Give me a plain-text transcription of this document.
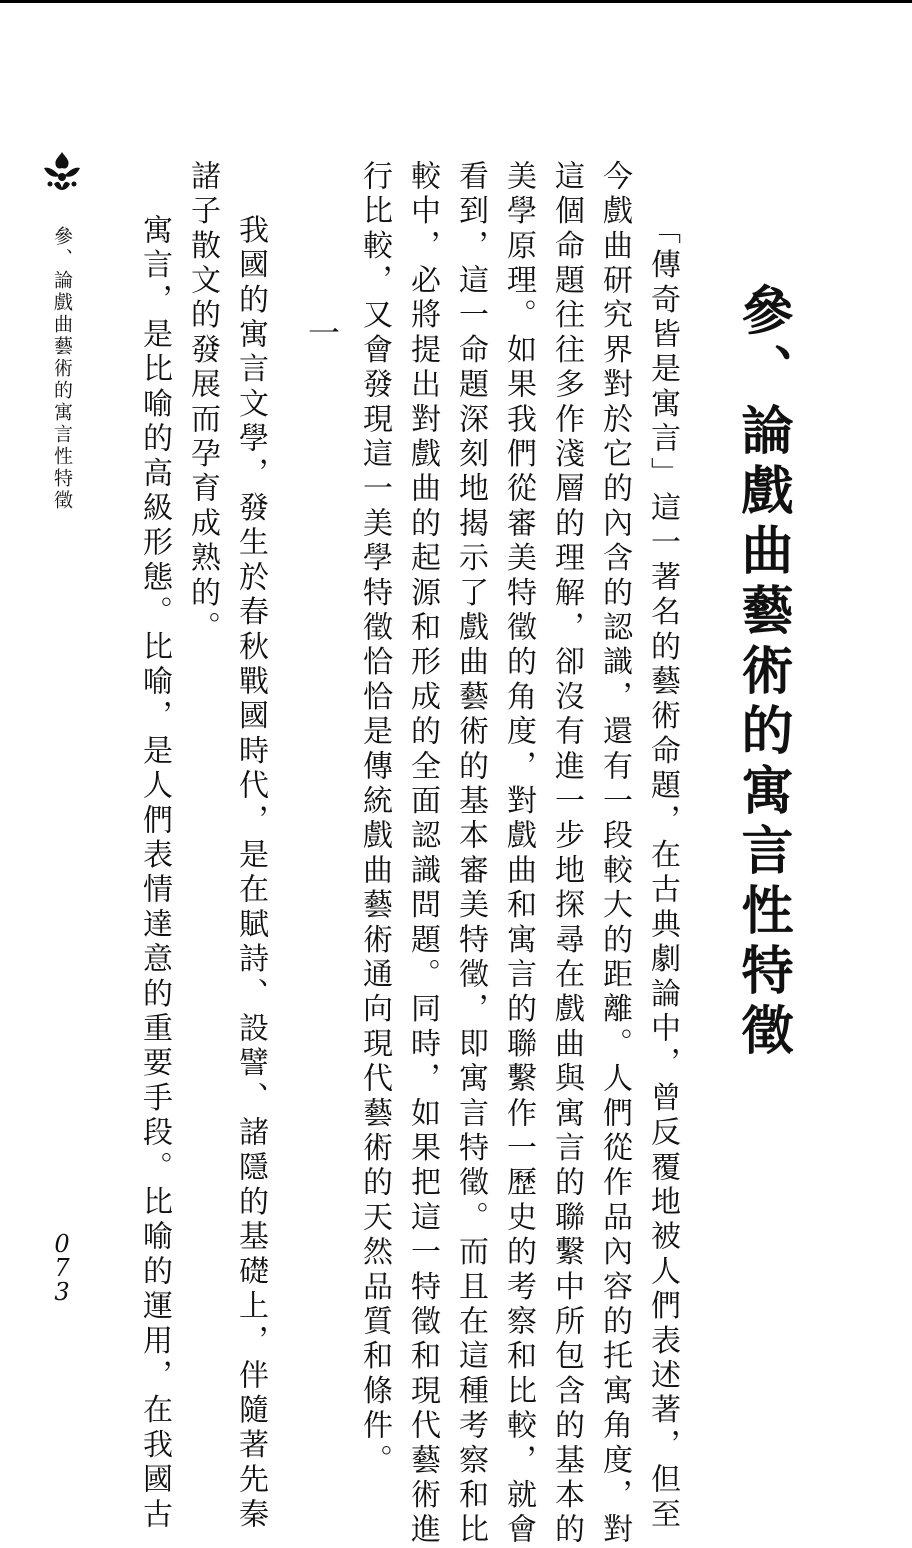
參、論戲曲藝術的寓言性特徵
「傳奇皆是寓言」這一著名的藝術命題，在古典劇論中，曾反覆地被人們表述著，但至
今戲曲研究界對於它的內含的認識，還有一段較大的距離。人們從作品內容的托寓角度，對
這個命題往往多作淺層的理解，卻沒有進一步地探尋在戲曲與寓言的聯繫中所包含的基本的
美學原理。如果我們從審美特徵的角度，對戲曲和寓言的聯繫作一歷史的考察和比較，就會
看到，這一命題深刻地揭示了戲曲藝術的基本審美特徵，即寓言特徵。而且在這種考察和比
較中，必將提出對戲曲的起源和形成的全面認識問題。同時，如果把這一特徵和現代藝術進
行比較，又會發現這一美學特徵恰恰是傳統戲曲藝術通向現代藝術的天然品質和條件。
一
我國的寓言文學，發生於春秋戰國時代，是在賦詩、設譬、諸隱的基礎上，伴隨著先秦
諸子散文的發展而孕育成熟的。
寓言，是比喻的高級形態。比喻，是人們表情達意的重要手段。比喻的運用，在我國古
參、論戲曲藝術的寓言性特徵
073
